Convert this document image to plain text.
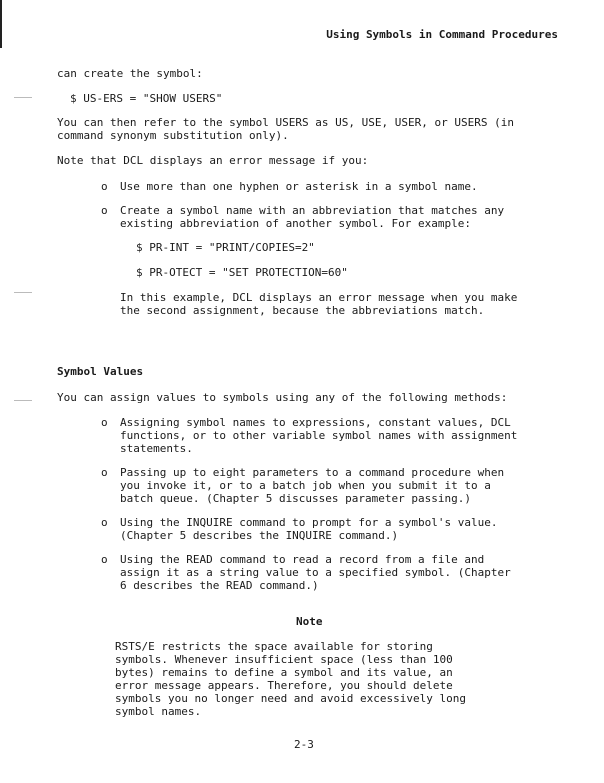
Using Symbols in Command Procedures
can create the symbol:
$ US-ERS = "SHOW USERS"
You can then refer to the symbol USERS as US, USE, USER, or USERS (in
command synonym substitution only).
Note that DCL displays an error message if you:
o Use more than one hyphen or asterisk in a symbol name.
o Create a symbol name with an abbreviation that matches any
existing abbreviation of another symbol. For example:
$ PR-INT = "PRINT/COPIES=2"
$ PR-OTECT = "SET PROTECTION=60"
In this example, DCL displays an error message when you make
the second assignment, because the abbreviations match.
Symbol Values
You can assign values to symbols using any of the following methods:
o Assigning symbol names to expressions, constant values, DCL
functions, or to other variable symbol names with assignment
statements.
o Passing up to eight parameters to a command procedure when
you invoke it, or to a batch job when you submit it to a
batch queue. (Chapter 5 discusses parameter passing.)
o Using the INQUIRE command to prompt for a symbol's value.
(Chapter 5 describes the INQUIRE command.)
o Using the READ command to read a record from a file and
assign it as a string value to a specified symbol. (Chapter
6 describes the READ command.)
Note
RSTS/E restricts the space available for storing
symbols. Whenever insufficient space (less than 100
bytes) remains to define a symbol and its value, an
error message appears. Therefore, you should delete
symbols you no longer need and avoid excessively long
symbol names.
2-3
